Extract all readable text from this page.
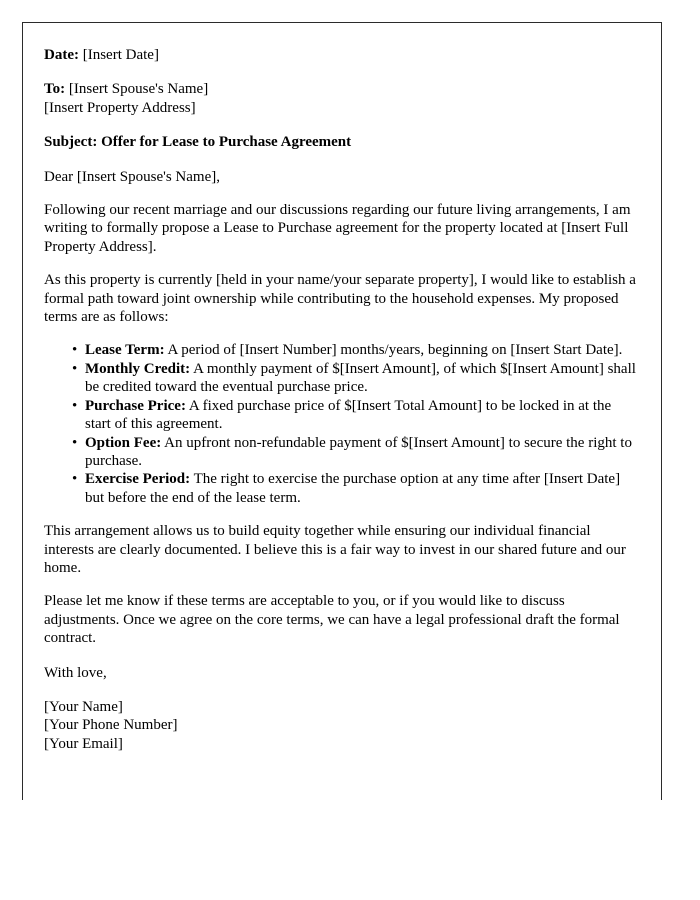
Date: [Insert Date]

To: [Insert Spouse's Name]

[Insert Property Address]

Subject: Offer for Lease to Purchase Agreement

Dear [Insert Spouse's Name],

Following our recent marriage and our discussions regarding our future living arrangements, I am writing to formally propose a Lease to Purchase agreement for the property located at [Insert Full Property Address].

As this property is currently [held in your name/your separate property], I would like to establish a formal path toward joint ownership while contributing to the household expenses. My proposed terms are as follows:

• Lease Term: A period of [Insert Number] months/years, beginning on [Insert Start Date].
• Monthly Credit: A monthly payment of $[Insert Amount], of which $[Insert Amount] shall be credited toward the eventual purchase price.
• Purchase Price: A fixed purchase price of $[Insert Total Amount] to be locked in at the start of this agreement.
• Option Fee: An upfront non-refundable payment of $[Insert Amount] to secure the right to purchase.
• Exercise Period: The right to exercise the purchase option at any time after [Insert Date] but before the end of the lease term.

This arrangement allows us to build equity together while ensuring our individual financial interests are clearly documented. I believe this is a fair way to invest in our shared future and our home.

Please let me know if these terms are acceptable to you, or if you would like to discuss adjustments. Once we agree on the core terms, we can have a legal professional draft the formal contract.

With love,

[Your Name]

[Your Phone Number]

[Your Email]
